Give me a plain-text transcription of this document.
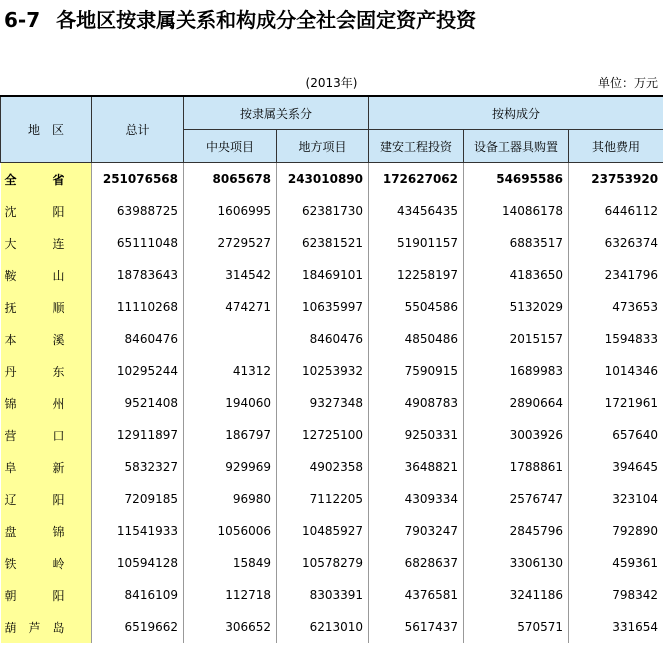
6-7 各地区按隶属关系和构成分全社会固定资产投资
(2013年)	单位：万元
地　区	总计	按隶属关系分		按构成分		
		中央项目	地方项目	建安工程投资	设备工器具购置	其他费用
全省	251076568	8065678	243010890	172627062	54695586	23753920
沈阳	63988725	1606995	62381730	43456435	14086178	6446112
大连	65111048	2729527	62381521	51901157	6883517	6326374
鞍山	18783643	314542	18469101	12258197	4183650	2341796
抚顺	11110268	474271	10635997	5504586	5132029	473653
本溪	8460476		8460476	4850486	2015157	1594833
丹东	10295244	41312	10253932	7590915	1689983	1014346
锦州	9521408	194060	9327348	4908783	2890664	1721961
营口	12911897	186797	12725100	9250331	3003926	657640
阜新	5832327	929969	4902358	3648821	1788861	394645
辽阳	7209185	96980	7112205	4309334	2576747	323104
盘锦	11541933	1056006	10485927	7903247	2845796	792890
铁岭	10594128	15849	10578279	6828637	3306130	459361
朝阳	8416109	112718	8303391	4376581	3241186	798342
葫芦岛	6519662	306652	6213010	5617437	570571	331654
